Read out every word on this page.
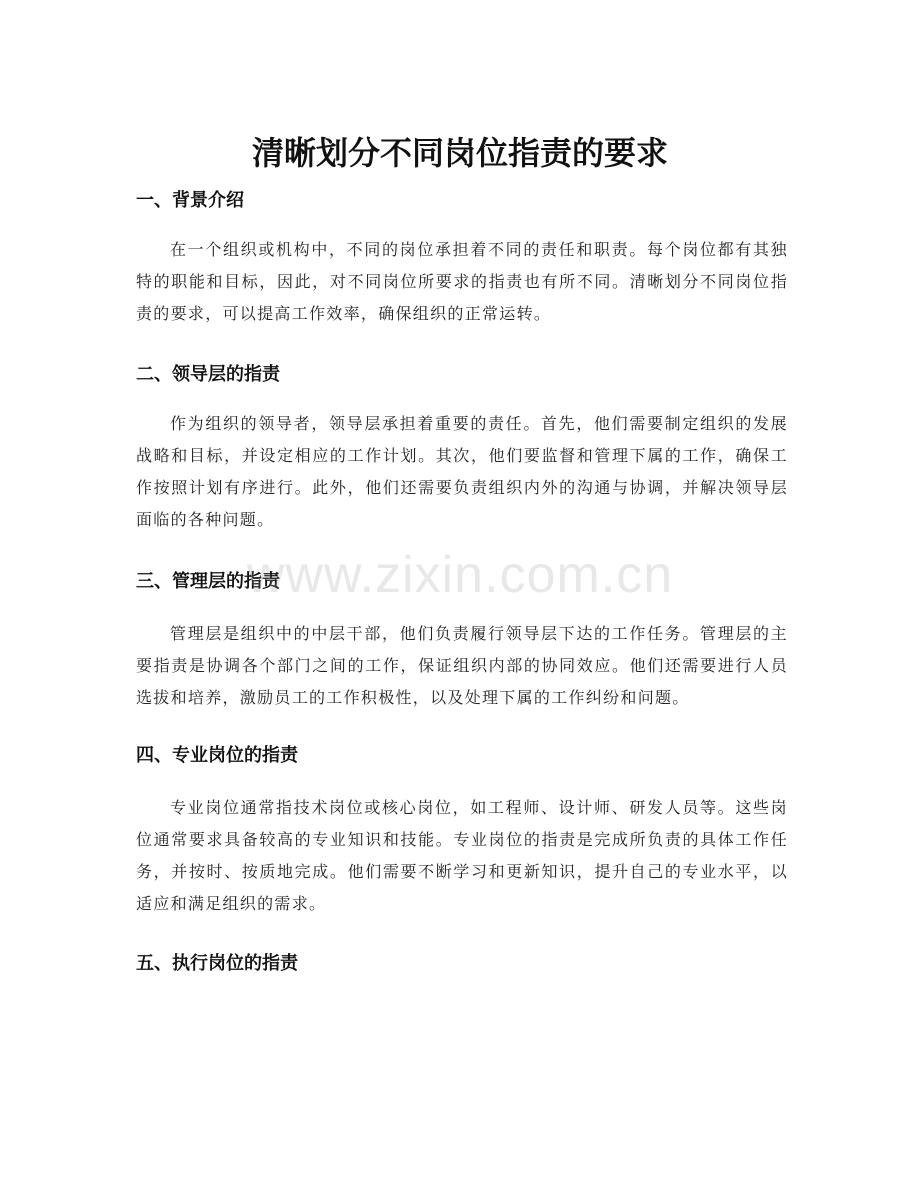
清晰划分不同岗位指责的要求
一、背景介绍

在一个组织或机构中，不同的岗位承担着不同的责任和职责。每个岗位都有其独特的职能和目标，因此，对不同岗位所要求的指责也有所不同。清晰划分不同岗位指责的要求，可以提高工作效率，确保组织的正常运转。

二、领导层的指责

作为组织的领导者，领导层承担着重要的责任。首先，他们需要制定组织的发展战略和目标，并设定相应的工作计划。其次，他们要监督和管理下属的工作，确保工作按照计划有序进行。此外，他们还需要负责组织内外的沟通与协调，并解决领导层面临的各种问题。

三、管理层的指责

管理层是组织中的中层干部，他们负责履行领导层下达的工作任务。管理层的主要指责是协调各个部门之间的工作，保证组织内部的协同效应。他们还需要进行人员选拔和培养，激励员工的工作积极性，以及处理下属的工作纠纷和问题。

四、专业岗位的指责

专业岗位通常指技术岗位或核心岗位，如工程师、设计师、研发人员等。这些岗位通常要求具备较高的专业知识和技能。专业岗位的指责是完成所负责的具体工作任务，并按时、按质地完成。他们需要不断学习和更新知识，提升自己的专业水平，以适应和满足组织的需求。

五、执行岗位的指责
www.zixin.com.cn
